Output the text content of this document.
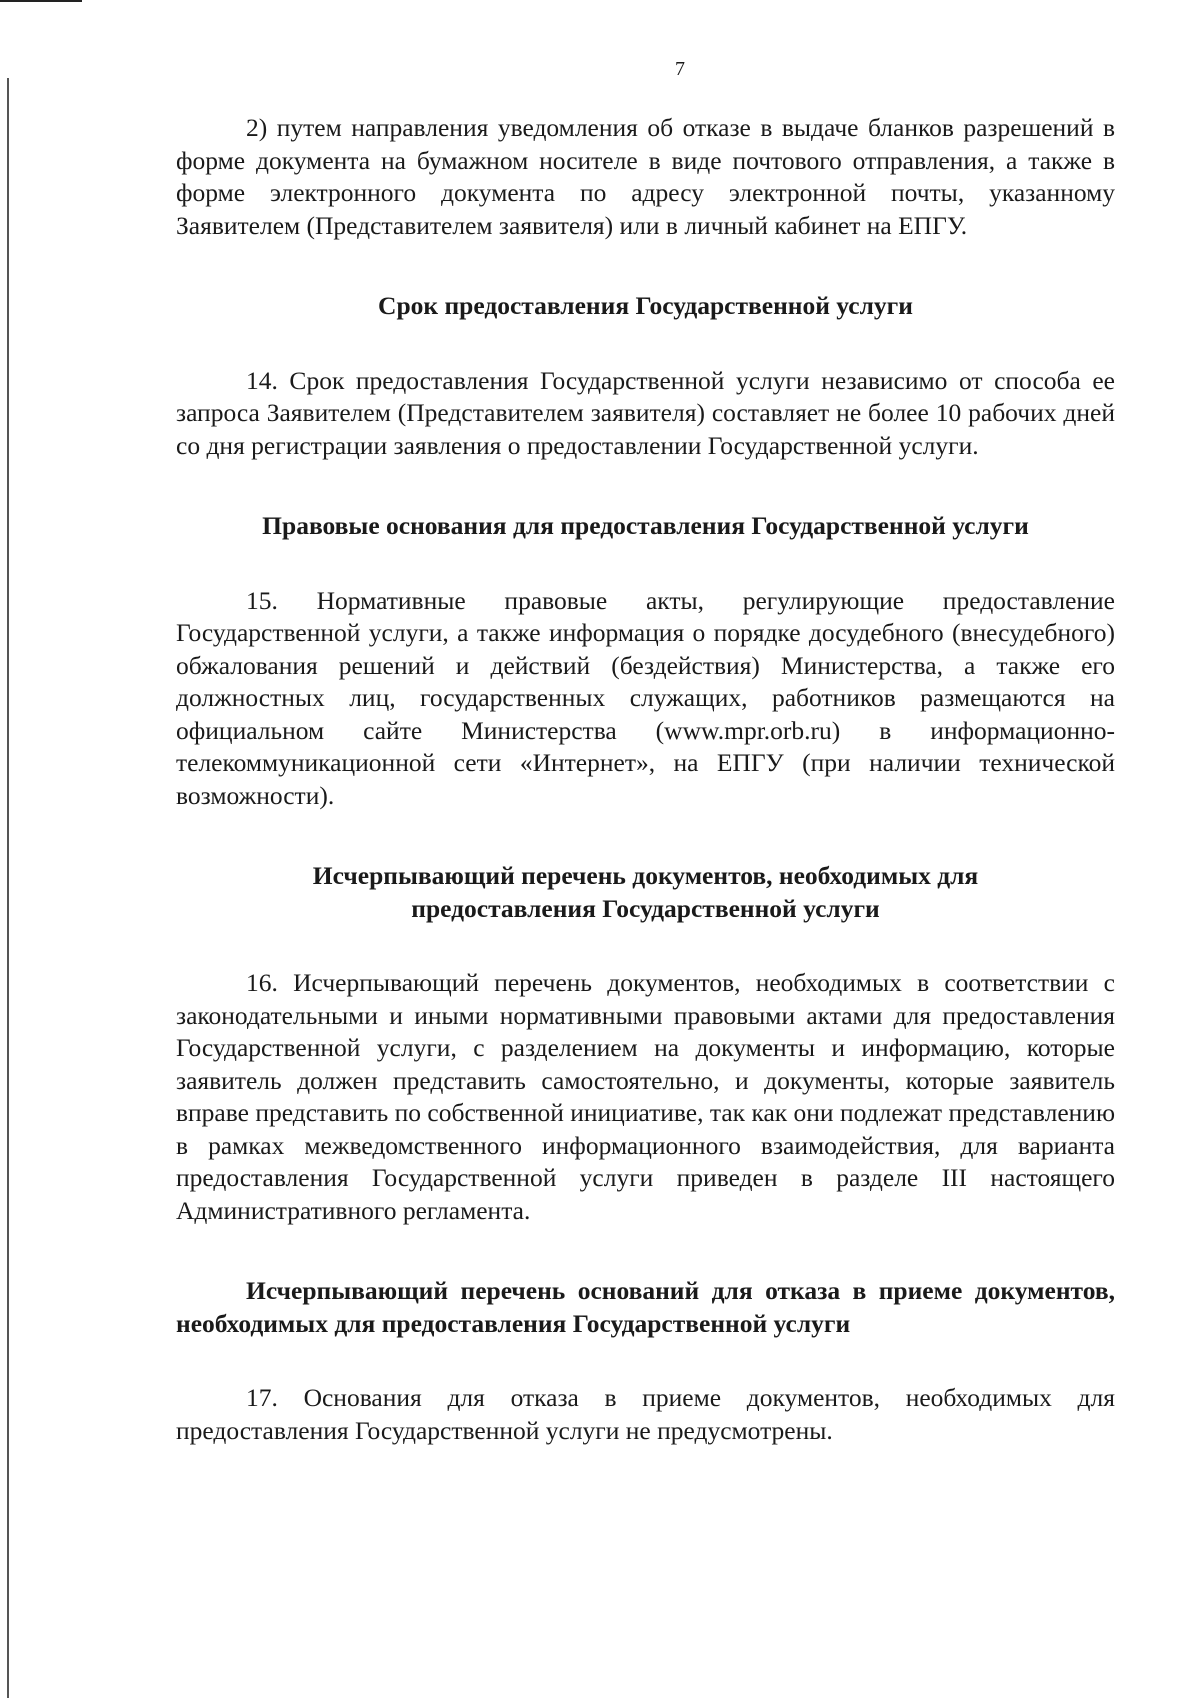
7

2) путем направления уведомления об отказе в выдаче бланков разрешений в форме документа на бумажном носителе в виде почтового отправления, а также в форме электронного документа по адресу электронной почты, указанному Заявителем (Представителем заявителя) или в личный кабинет на ЕПГУ.

Срок предоставления Государственной услуги

14. Срок предоставления Государственной услуги независимо от способа ее запроса Заявителем (Представителем заявителя) составляет не более 10 рабочих дней со дня регистрации заявления о предоставлении Государственной услуги.

Правовые основания для предоставления Государственной услуги

15. Нормативные правовые акты, регулирующие предоставление Государственной услуги, а также информация о порядке досудебного (внесудебного) обжалования решений и действий (бездействия) Министерства, а также его должностных лиц, государственных служащих, работников размещаются на официальном сайте Министерства (www.mpr.orb.ru) в информационно-телекоммуникационной сети «Интернет», на ЕПГУ (при наличии технической возможности).

Исчерпывающий перечень документов, необходимых для

предоставления Государственной услуги

16. Исчерпывающий перечень документов, необходимых в соответствии с законодательными и иными нормативными правовыми актами для предоставления Государственной услуги, с разделением на документы и информацию, которые заявитель должен представить самостоятельно, и документы, которые заявитель вправе представить по собственной инициативе, так как они подлежат представлению в рамках межведомственного информационного взаимодействия, для варианта предоставления Государственной услуги приведен в разделе III настоящего Административного регламента.

Исчерпывающий перечень оснований для отказа в приеме документов, необходимых для предоставления Государственной услуги

17. Основания для отказа в приеме документов, необходимых для предоставления Государственной услуги не предусмотрены.
